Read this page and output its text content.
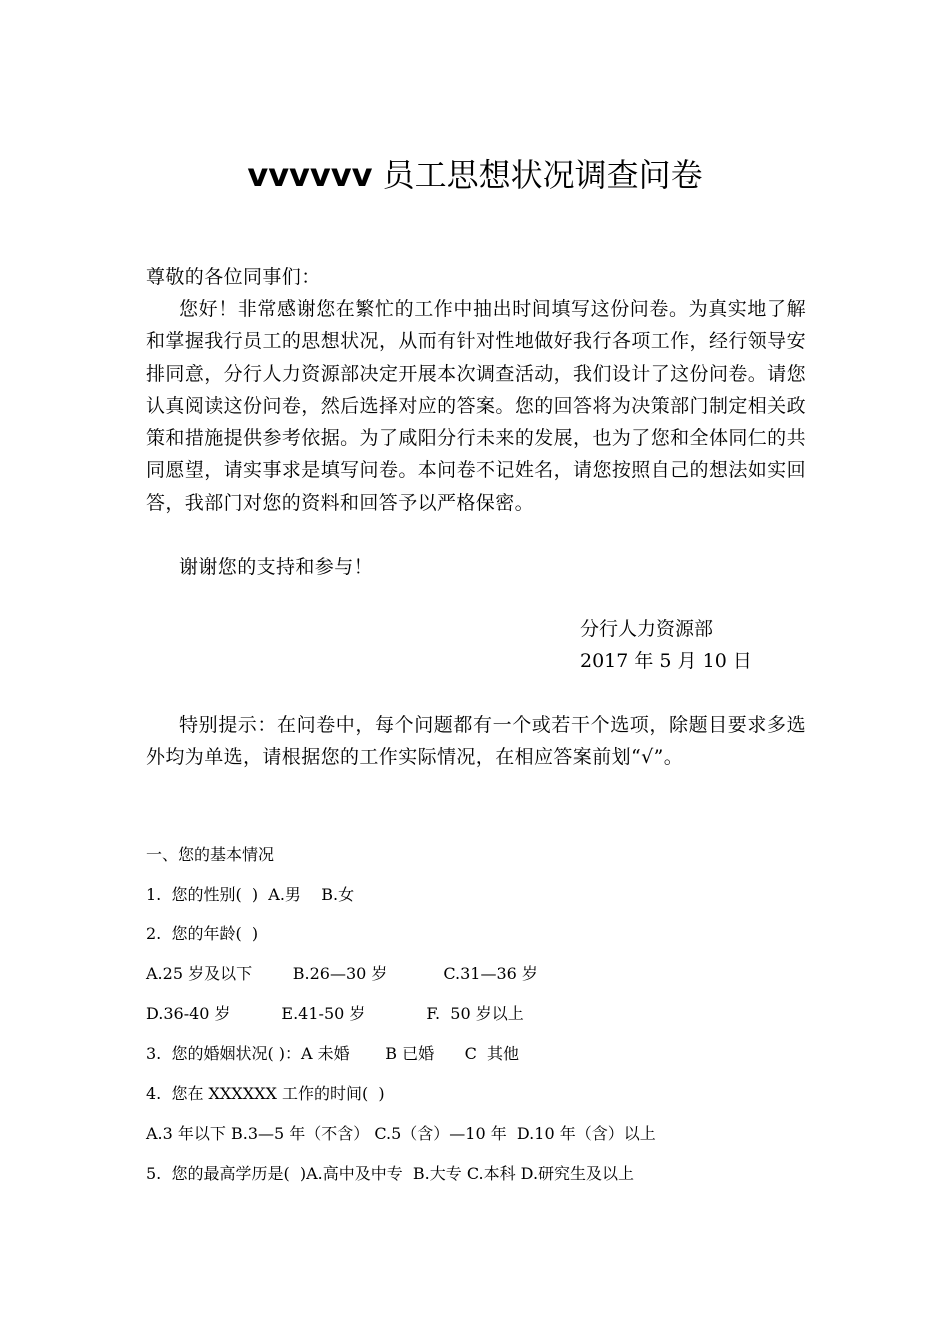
vvvvvv 员工思想状况调查问卷
尊敬的各位同事们：
您好！非常感谢您在繁忙的工作中抽出时间填写这份问卷。为真实地了解和掌握我行员工的思想状况，从而有针对性地做好我行各项工作，经行领导安排同意，分行人力资源部决定开展本次调查活动，我们设计了这份问卷。请您认真阅读这份问卷，然后选择对应的答案。您的回答将为决策部门制定相关政策和措施提供参考依据。为了咸阳分行未来的发展，也为了您和全体同仁的共同愿望，请实事求是填写问卷。本问卷不记姓名，请您按照自己的想法如实回答，我部门对您的资料和回答予以严格保密。
谢谢您的支持和参与！
分行人力资源部
2017 年 5 月 10 日
特别提示：在问卷中，每个问题都有一个或若干个选项，除题目要求多选外均为单选，请根据您的工作实际情况，在相应答案前划“√”。
一、您的基本情况
1.  您的性别(  )  A.男    B.女
2.  您的年龄(  )
A.25 岁及以下        B.26—30 岁           C.31—36 岁
D.36-40 岁          E.41-50 岁            F.  50 岁以上
3.  您的婚姻状况( )：A 未婚       B 已婚      C  其他
4.  您在 XXXXXX 工作的时间(  )
A.3 年以下 B.3—5 年（不含） C.5（含）—10 年  D.10 年（含）以上
5.  您的最高学历是(  )A.高中及中专  B.大专 C.本科 D.研究生及以上
